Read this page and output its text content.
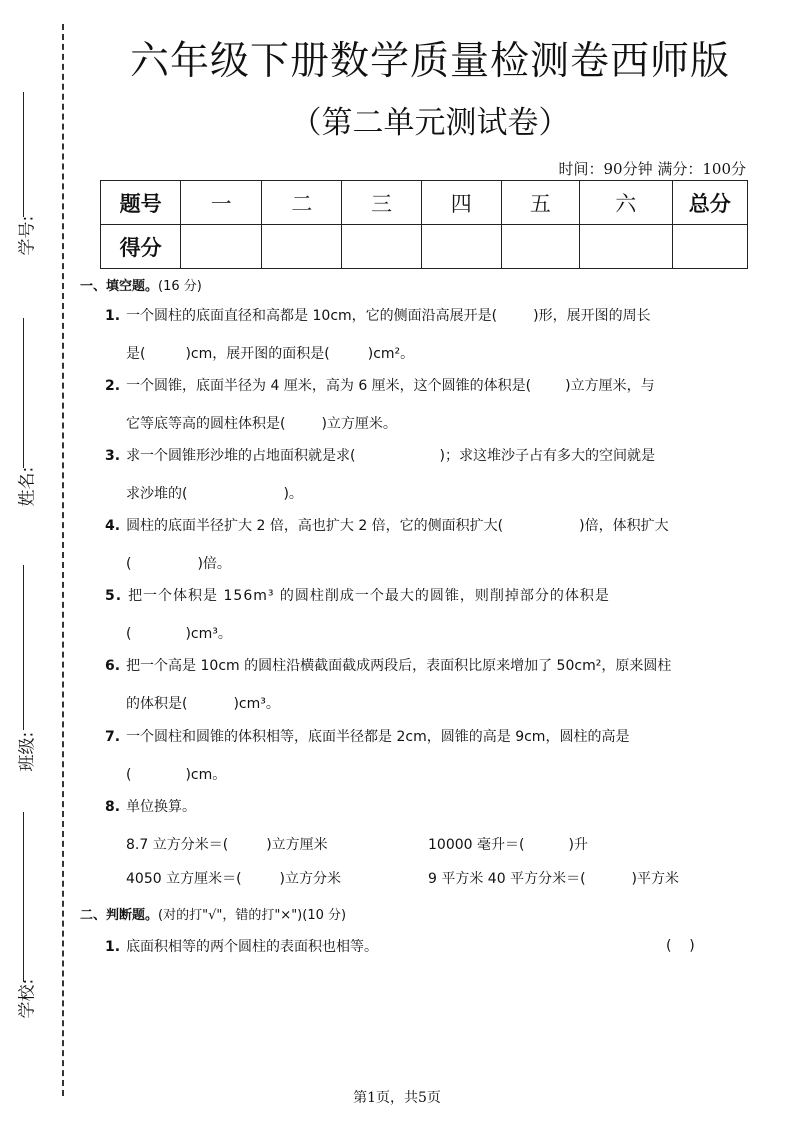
学号:
姓名:
班级:
学校:
六年级下册数学质量检测卷西师版
（第二单元测试卷）
时间：90分钟 满分：100分
题号	一	二	三	四	五	六	总分
得分							
一、填空题。(16 分)
1. 一个圆柱的底面直径和高都是 10cm，它的侧面沿高展开是(	)形，展开图的周长
是(	)cm，展开图的面积是(	)cm²。
2. 一个圆锥，底面半径为 4 厘米，高为 6 厘米，这个圆锥的体积是( )立方厘米，与
它等底等高的圆柱体积是(	)立方厘米。
3. 求一个圆锥形沙堆的占地面积就是求(	)；求这堆沙子占有多大的空间就是
求沙堆的(	)。
4. 圆柱的底面半径扩大 2 倍，高也扩大 2 倍，它的侧面积扩大(	)倍，体积扩大
(	)倍。
5. 把一个体积是 156m³ 的圆柱削成一个最大的圆锥，则削掉部分的体积是
(	)cm³。
6. 把一个高是 10cm 的圆柱沿横截面截成两段后，表面积比原来增加了 50cm²，原来圆柱
的体积是(	)cm³。
7. 一个圆柱和圆锥的体积相等，底面半径都是 2cm，圆锥的高是 9cm，圆柱的高是
(	)cm。
8. 单位换算。
8.7 立方分米＝(	)立方厘米	10000 毫升＝(	)升
4050 立方厘米＝(	)立方分米	9 平方米 40 平方分米＝(	)平方米
二、判断题。(对的打"√"，错的打"×")(10 分)
1. 底面积相等的两个圆柱的表面积也相等。	(    )
第1页，共5页
